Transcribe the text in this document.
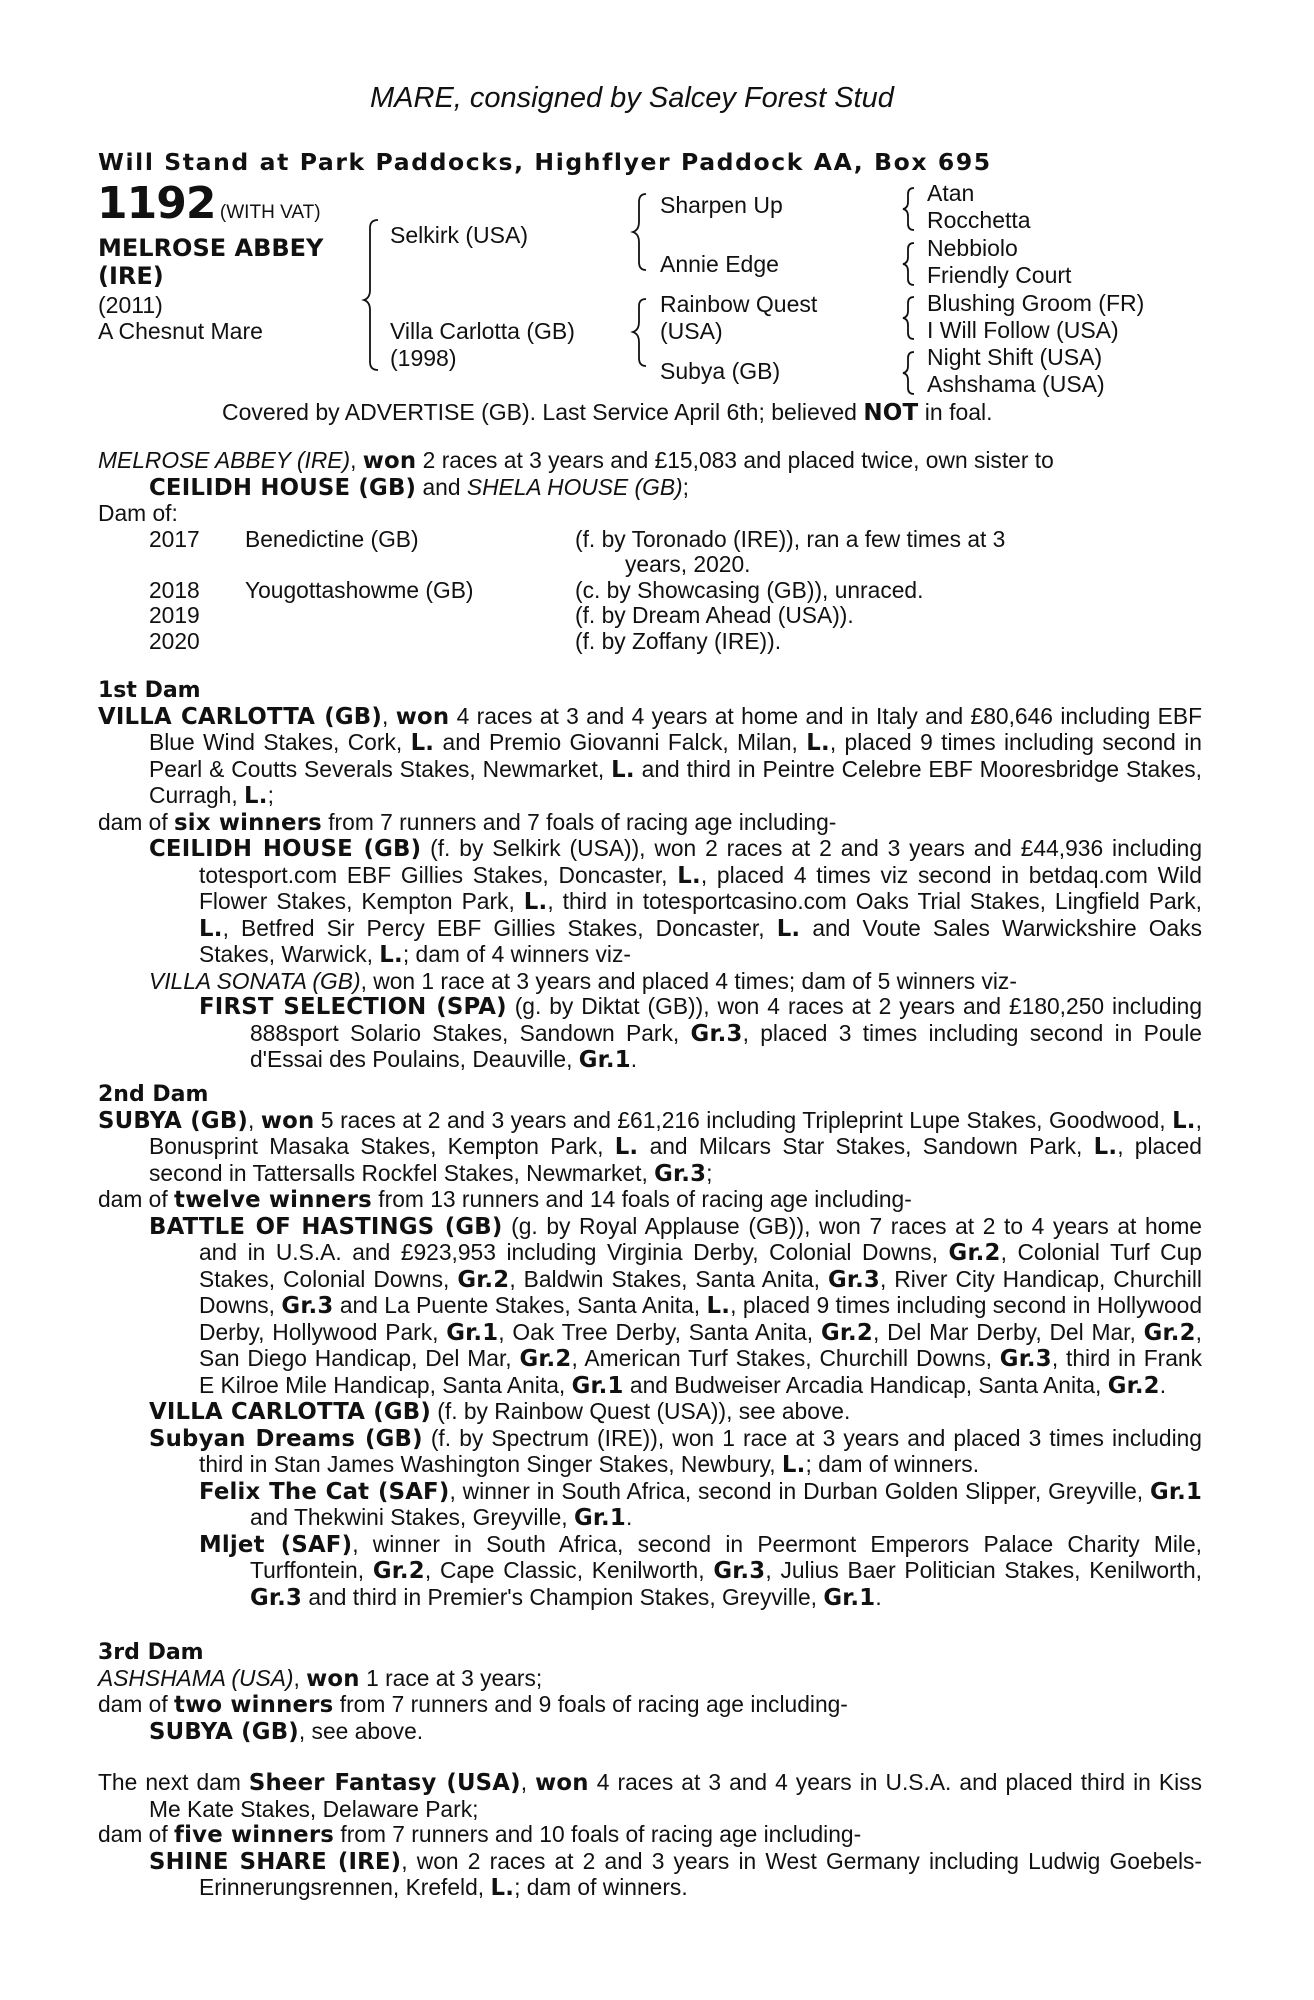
MARE, consigned by Salcey Forest Stud
Will Stand at Park Paddocks, Highflyer Paddock AA, Box 695
1192 (WITH VAT)
MELROSE ABBEY
(IRE)
(2011)
A Chesnut Mare
Selkirk (USA)
Villa Carlotta (GB)
(1998)
Sharpen Up
Annie Edge
Rainbow Quest
(USA)
Subya (GB)
Atan
Rocchetta
Nebbiolo
Friendly Court
Blushing Groom (FR)
I Will Follow (USA)
Night Shift (USA)
Ashshama (USA)
Covered by ADVERTISE (GB). Last Service April 6th; believed NOT in foal.

MELROSE ABBEY (IRE), won 2 races at 3 years and £15,083 and placed twice, own sister to
CEILIDH HOUSE (GB) and SHELA HOUSE (GB);

Dam of:

2017	Benedictine (GB)	(f. by Toronado (IRE)), ran a few times at 3
years, 2020.
2018	Yougottashowme (GB)	(c. by Showcasing (GB)), unraced.
2019		(f. by Dream Ahead (USA)).
2020		(f. by Zoffany (IRE)).

1st Dam

VILLA CARLOTTA (GB), won 4 races at 3 and 4 years at home and in Italy and £80,646 including EBF Blue Wind Stakes, Cork, L. and Premio Giovanni Falck, Milan, L., placed 9 times including second in Pearl & Coutts Severals Stakes, Newmarket, L. and third in Peintre Celebre EBF Mooresbridge Stakes, Curragh, L.;

dam of six winners from 7 runners and 7 foals of racing age including-

CEILIDH HOUSE (GB) (f. by Selkirk (USA)), won 2 races at 2 and 3 years and £44,936 including totesport.com EBF Gillies Stakes, Doncaster, L., placed 4 times viz second in betdaq.com Wild Flower Stakes, Kempton Park, L., third in totesportcasino.com Oaks Trial Stakes, Lingfield Park, L., Betfred Sir Percy EBF Gillies Stakes, Doncaster, L. and Voute Sales Warwickshire Oaks Stakes, Warwick, L.; dam of 4 winners viz-

VILLA SONATA (GB), won 1 race at 3 years and placed 4 times; dam of 5 winners viz-

FIRST SELECTION (SPA) (g. by Diktat (GB)), won 4 races at 2 years and £180,250 including 888sport Solario Stakes, Sandown Park, Gr.3, placed 3 times including second in Poule d'Essai des Poulains, Deauville, Gr.1.

2nd Dam

SUBYA (GB), won 5 races at 2 and 3 years and £61,216 including Tripleprint Lupe Stakes, Goodwood, L., Bonusprint Masaka Stakes, Kempton Park, L. and Milcars Star Stakes, Sandown Park, L., placed second in Tattersalls Rockfel Stakes, Newmarket, Gr.3;

dam of twelve winners from 13 runners and 14 foals of racing age including-

BATTLE OF HASTINGS (GB) (g. by Royal Applause (GB)), won 7 races at 2 to 4 years at home and in U.S.A. and £923,953 including Virginia Derby, Colonial Downs, Gr.2, Colonial Turf Cup Stakes, Colonial Downs, Gr.2, Baldwin Stakes, Santa Anita, Gr.3, River City Handicap, Churchill Downs, Gr.3 and La Puente Stakes, Santa Anita, L., placed 9 times including second in Hollywood Derby, Hollywood Park, Gr.1, Oak Tree Derby, Santa Anita, Gr.2, Del Mar Derby, Del Mar, Gr.2, San Diego Handicap, Del Mar, Gr.2, American Turf Stakes, Churchill Downs, Gr.3, third in Frank E Kilroe Mile Handicap, Santa Anita, Gr.1 and Budweiser Arcadia Handicap, Santa Anita, Gr.2.

VILLA CARLOTTA (GB) (f. by Rainbow Quest (USA)), see above.

Subyan Dreams (GB) (f. by Spectrum (IRE)), won 1 race at 3 years and placed 3 times including third in Stan James Washington Singer Stakes, Newbury, L.; dam of winners.

Felix The Cat (SAF), winner in South Africa, second in Durban Golden Slipper, Greyville, Gr.1 and Thekwini Stakes, Greyville, Gr.1.

Mljet (SAF), winner in South Africa, second in Peermont Emperors Palace Charity Mile, Turffontein, Gr.2, Cape Classic, Kenilworth, Gr.3, Julius Baer Politician Stakes, Kenilworth, Gr.3 and third in Premier's Champion Stakes, Greyville, Gr.1.

3rd Dam

ASHSHAMA (USA), won 1 race at 3 years;

dam of two winners from 7 runners and 9 foals of racing age including-

SUBYA (GB), see above.

The next dam Sheer Fantasy (USA), won 4 races at 3 and 4 years in U.S.A. and placed third in Kiss Me Kate Stakes, Delaware Park;

dam of five winners from 7 runners and 10 foals of racing age including-

SHINE SHARE (IRE), won 2 races at 2 and 3 years in West Germany including Ludwig Goebels-Erinnerungsrennen, Krefeld, L.; dam of winners.
